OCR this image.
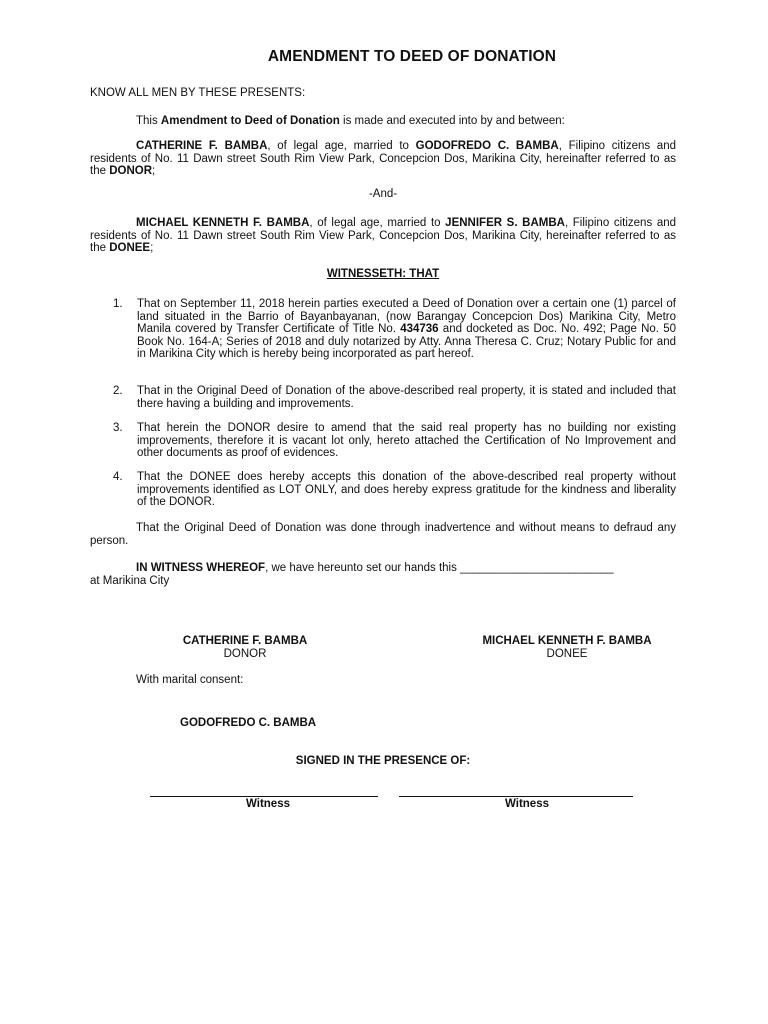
AMENDMENT TO DEED OF DONATION
KNOW ALL MEN BY THESE PRESENTS:
This Amendment to Deed of Donation is made and executed into by and between:
CATHERINE F. BAMBA, of legal age, married to GODOFREDO C. BAMBA, Filipino citizens and residents of No. 11 Dawn street South Rim View Park, Concepcion Dos, Marikina City, hereinafter referred to as the DONOR;
-And-
MICHAEL KENNETH F. BAMBA, of legal age, married to JENNIFER S. BAMBA, Filipino citizens and residents of No. 11 Dawn street South Rim View Park, Concepcion Dos, Marikina City, hereinafter referred to as the DONEE;
WITNESSETH: THAT
1. That on September 11, 2018 herein parties executed a Deed of Donation over a certain one (1) parcel of land situated in the Barrio of Bayanbayanan, (now Barangay Concepcion Dos) Marikina City, Metro Manila covered by Transfer Certificate of Title No. 434736 and docketed as Doc. No. 492; Page No. 50 Book No. 164-A; Series of 2018 and duly notarized by Atty. Anna Theresa C. Cruz; Notary Public for and in Marikina City which is hereby being incorporated as part hereof.
2. That in the Original Deed of Donation of the above-described real property, it is stated and included that there having a building and improvements.
3. That herein the DONOR desire to amend that the said real property has no building nor existing improvements, therefore it is vacant lot only, hereto attached the Certification of No Improvement and other documents as proof of evidences.
4. That the DONEE does hereby accepts this donation of the above-described real property without improvements identified as LOT ONLY, and does hereby express gratitude for the kindness and liberality of the DONOR.
That the Original Deed of Donation was done through inadvertence and without means to defraud any person.
IN WITNESS WHEREOF, we have hereunto set our hands this ________________________
at Marikina City
CATHERINE F. BAMBA
DONOR
MICHAEL KENNETH F. BAMBA
DONEE
With marital consent:
GODOFREDO C. BAMBA
SIGNED IN THE PRESENCE OF:
Witness	Witness
